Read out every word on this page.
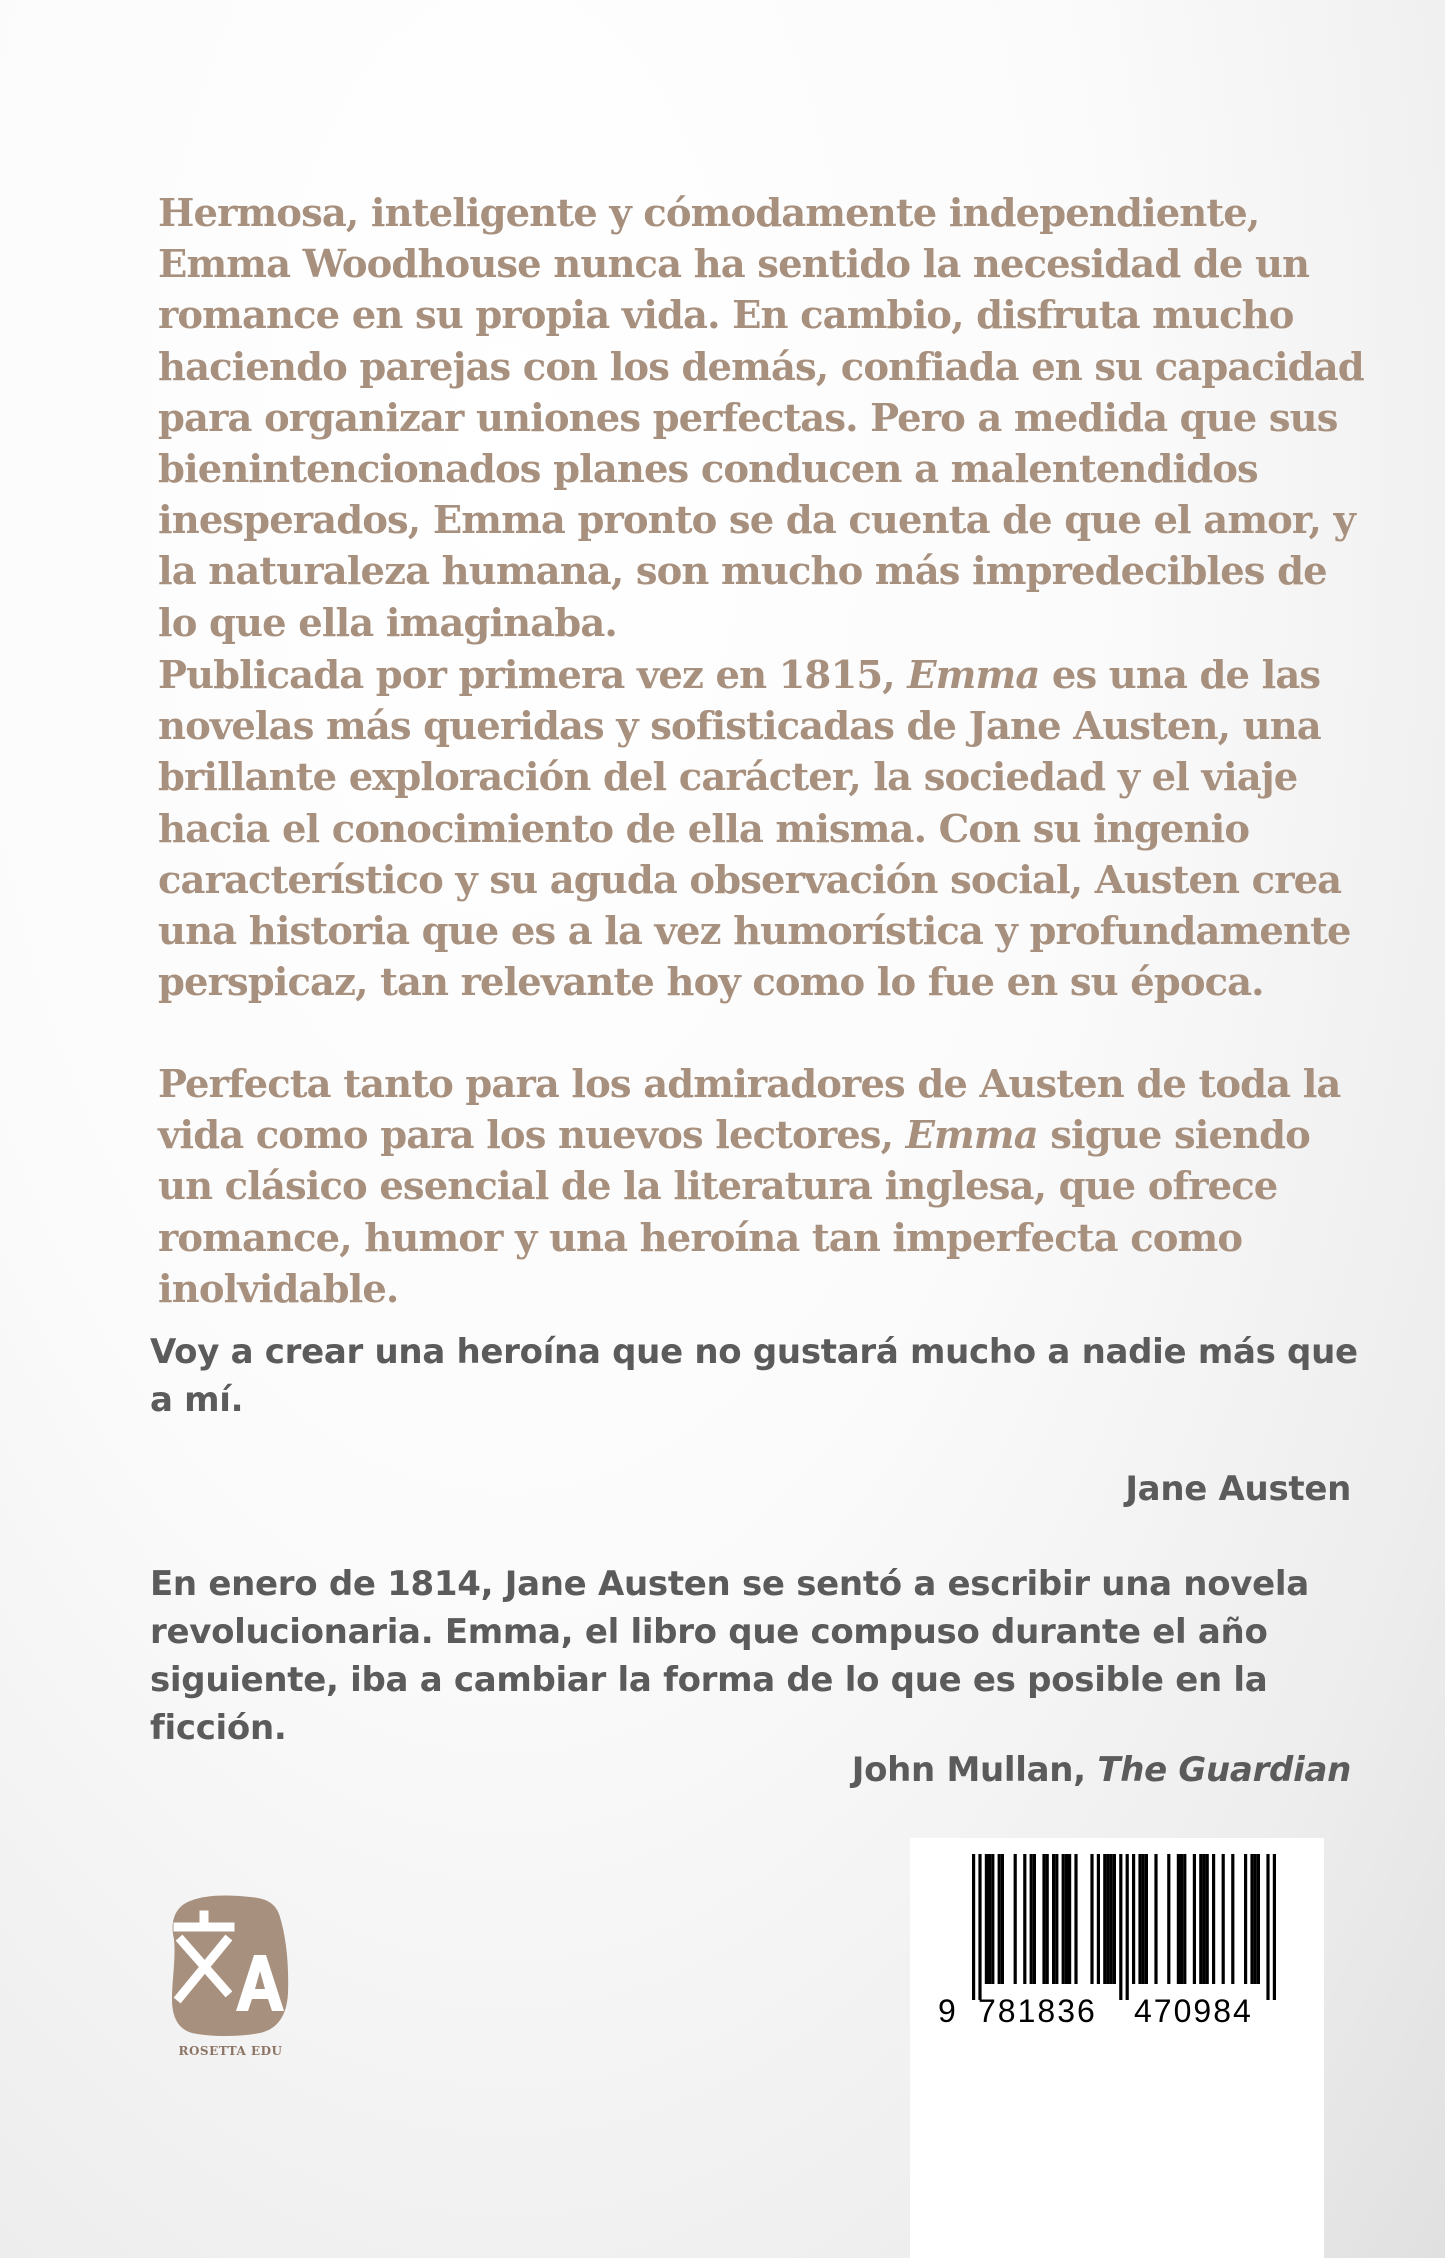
Hermosa, inteligente y cómodamente independiente, Emma Woodhouse nunca ha sentido la necesidad de un romance en su propia vida. En cambio, disfruta mucho haciendo parejas con los demás, confiada en su capacidad para organizar uniones perfectas. Pero a medida que sus bienintencionados planes conducen a malentendidos inesperados, Emma pronto se da cuenta de que el amor, y la naturaleza humana, son mucho más impredecibles de lo que ella imaginaba.

Publicada por primera vez en 1815, Emma es una de las novelas más queridas y sofisticadas de Jane Austen, una brillante exploración del carácter, la sociedad y el viaje hacia el conocimiento de ella misma. Con su ingenio característico y su aguda observación social, Austen crea una historia que es a la vez humorística y profundamente perspicaz, tan relevante hoy como lo fue en su época.

Perfecta tanto para los admiradores de Austen de toda la vida como para los nuevos lectores, Emma sigue siendo un clásico esencial de la literatura inglesa, que ofrece romance, humor y una heroína tan imperfecta como inolvidable.

Voy a crear una heroína que no gustará mucho a nadie más que a mí.

Jane Austen

En enero de 1814, Jane Austen se sentó a escribir una novela revolucionaria. Emma, el libro que compuso durante el año siguiente, iba a cambiar la forma de lo que es posible en la ficción.

John Mullan, The Guardian

ROSETTA EDU
9 781836 470984
